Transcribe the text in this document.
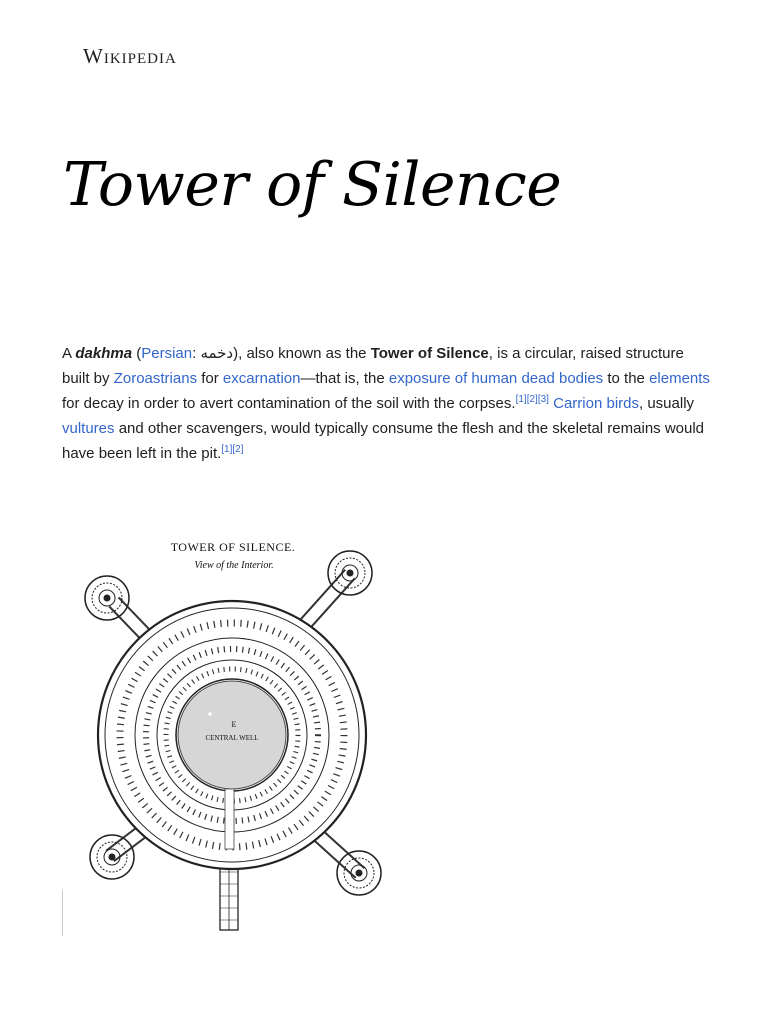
Wikipedia
Tower of Silence

A dakhma (Persian: دخمه), also known as the Tower of Silence, is a circular, raised structure built by Zoroastrians for excarnation—that is, the exposure of human dead bodies to the elements for decay in order to avert contamination of the soil with the corpses.[1][2][3] Carrion birds, usually vultures and other scavengers, would typically consume the flesh and the skeletal remains would have been left in the pit.[1][2]

TOWER OF SILENCE.
View of the Interior.
E
CENTRAL WELL
